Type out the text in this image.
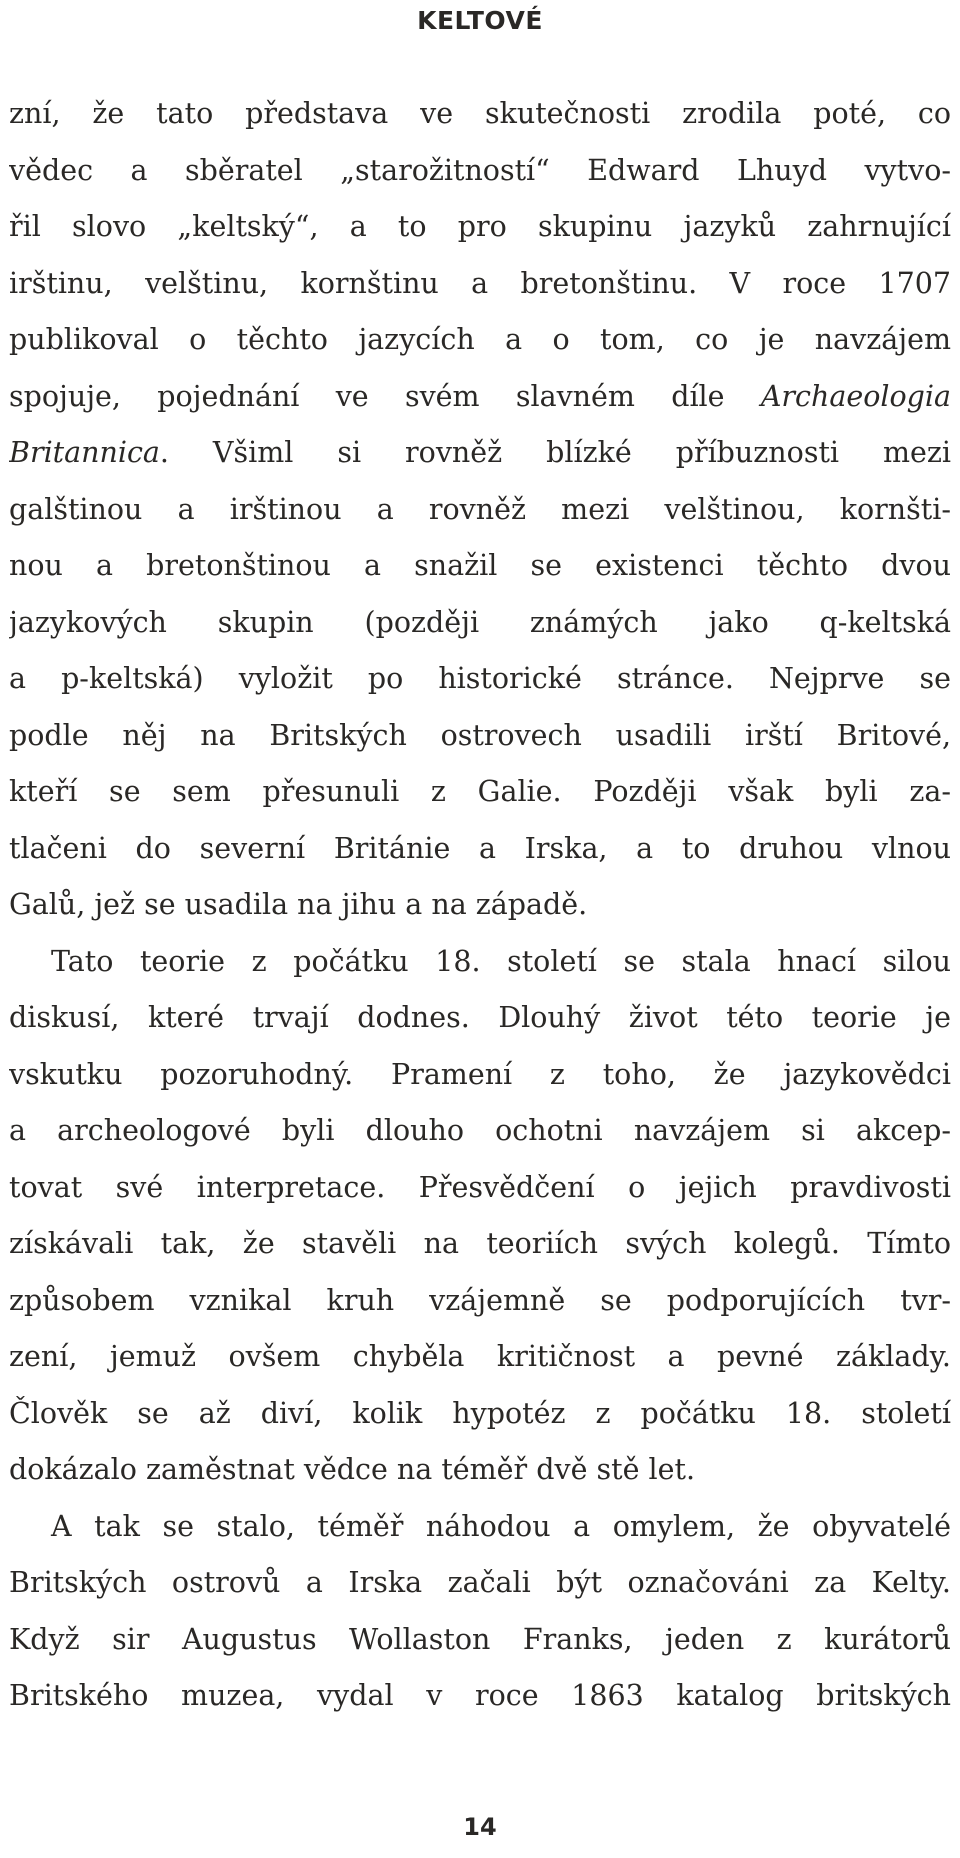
KELTOVÉ
zní, že tato představa ve skutečnosti zrodila poté, co
vědec a sběratel „starožitností“ Edward Lhuyd vytvo-
řil slovo „keltský“, a to pro skupinu jazyků zahrnující
irštinu, velštinu, kornštinu a bretonštinu. V roce 1707
publikoval o těchto jazycích a o tom, co je navzájem
spojuje, pojednání ve svém slavném díle Archaeologia
Britannica. Všiml si rovněž blízké příbuznosti mezi
galštinou a irštinou a rovněž mezi velštinou, kornšti-
nou a bretonštinou a snažil se existenci těchto dvou
jazykových skupin (později známých jako q-keltská
a p-keltská) vyložit po historické stránce. Nejprve se
podle něj na Britských ostrovech usadili irští Britové,
kteří se sem přesunuli z Galie. Později však byli za-
tlačeni do severní Británie a Irska, a to druhou vlnou
Galů, jež se usadila na jihu a na západě.
Tato teorie z počátku 18. století se stala hnací silou
diskusí, které trvají dodnes. Dlouhý život této teorie je
vskutku pozoruhodný. Pramení z toho, že jazykovědci
a archeologové byli dlouho ochotni navzájem si akcep-
tovat své interpretace. Přesvědčení o jejich pravdivosti
získávali tak, že stavěli na teoriích svých kolegů. Tímto
způsobem vznikal kruh vzájemně se podporujících tvr-
zení, jemuž ovšem chyběla kritičnost a pevné základy.
Člověk se až diví, kolik hypotéz z počátku 18. století
dokázalo zaměstnat vědce na téměř dvě stě let.
A tak se stalo, téměř náhodou a omylem, že obyvatelé
Britských ostrovů a Irska začali být označováni za Kelty.
Když sir Augustus Wollaston Franks, jeden z kurátorů
Britského muzea, vydal v roce 1863 katalog britských
14
